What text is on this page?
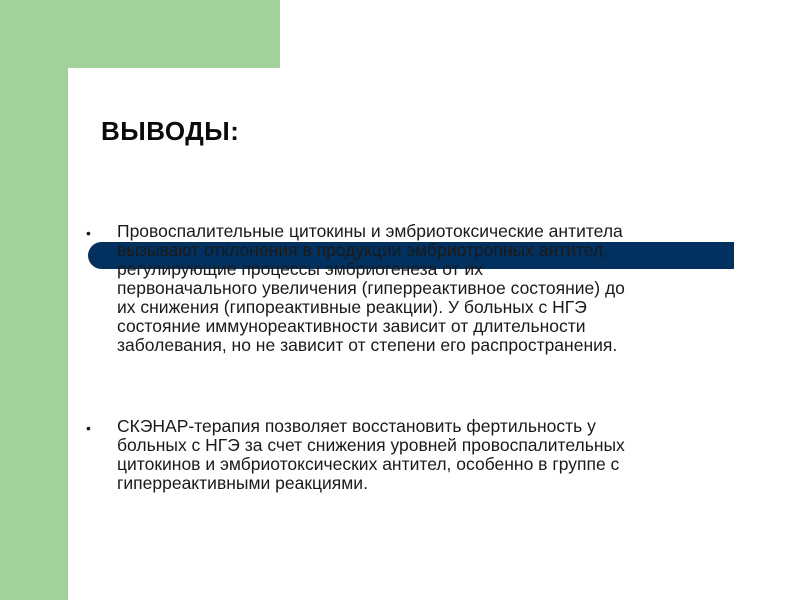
ВЫВОДЫ:
• Провоспалительные цитокины и эмбриотоксические антитела
вызывают отклонения в продукции эмбриотропных антител,
регулирующие процессы эмбриогенеза от их
первоначального увеличения (гиперреактивное состояние) до
их снижения (гипореактивные реакции). У больных с НГЭ
состояние иммунореактивности зависит от длительности
заболевания, но не зависит от степени его распространения.
• СКЭНАР-терапия позволяет восстановить фертильность у
больных с НГЭ за счет снижения уровней провоспалительных
цитокинов и эмбриотоксических антител, особенно в группе с
гиперреактивными реакциями.
